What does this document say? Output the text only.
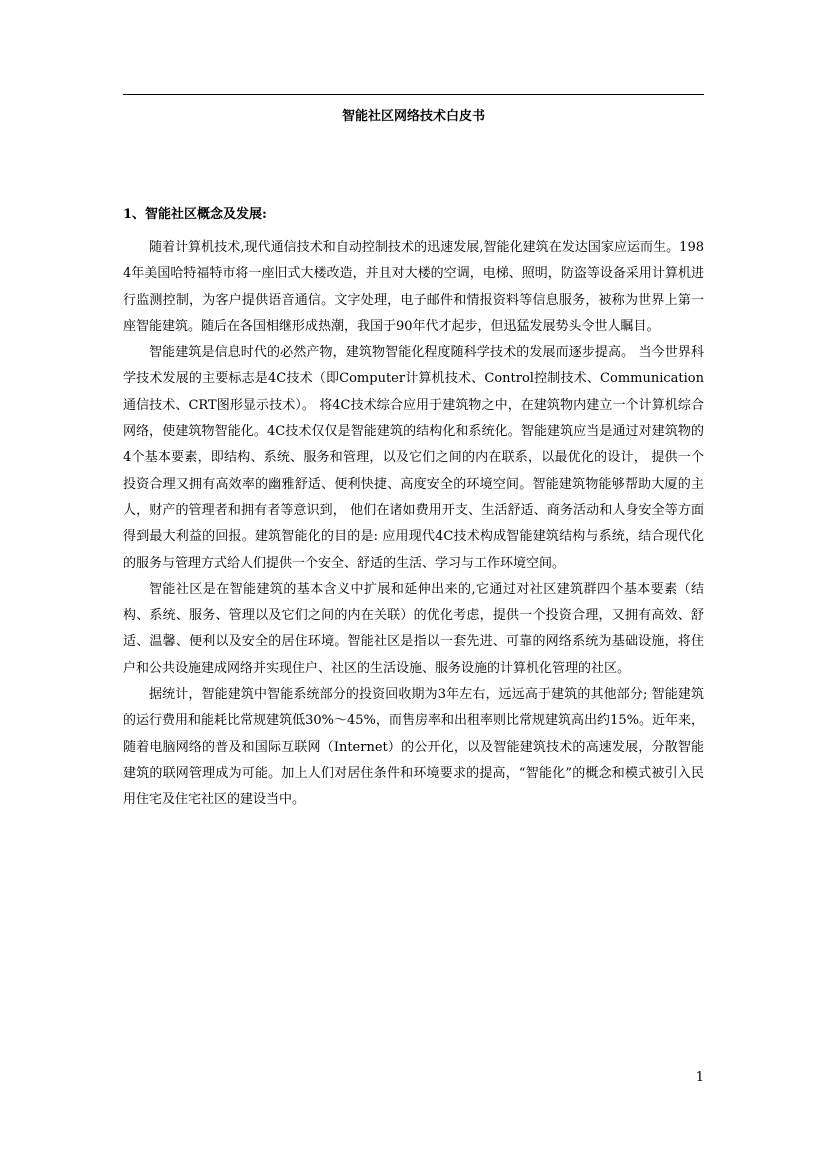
智能社区网络技术白皮书
1、智能社区概念及发展:

随着计算机技术,现代通信技术和自动控制技术的迅速发展,智能化建筑在发达国家应运而生。1984年美国哈特福特市将一座旧式大楼改造，并且对大楼的空调，电梯、照明，防盗等设备采用计算机进行监测控制，为客户提供语音通信。文字处理，电子邮件和情报资料等信息服务，被称为世界上第一座智能建筑。随后在各国相继形成热潮，我国于90年代才起步，但迅猛发展势头令世人瞩目。

智能建筑是信息时代的必然产物，建筑物智能化程度随科学技术的发展而逐步提高。 当今世界科学技术发展的主要标志是4C技术（即Computer计算机技术、Control控制技术、Communication通信技术、CRT图形显示技术）。 将4C技术综合应用于建筑物之中，在建筑物内建立一个计算机综合网络，使建筑物智能化。4C技术仅仅是智能建筑的结构化和系统化。智能建筑应当是通过对建筑物的4个基本要素，即结构、系统、服务和管理，以及它们之间的内在联系，以最优化的设计， 提供一个投资合理又拥有高效率的幽雅舒适、便利快捷、高度安全的环境空间。智能建筑物能够帮助大厦的主人，财产的管理者和拥有者等意识到， 他们在诸如费用开支、生活舒适、商务活动和人身安全等方面得到最大利益的回报。建筑智能化的目的是: 应用现代4C技术构成智能建筑结构与系统，结合现代化的服务与管理方式给人们提供一个安全、舒适的生活、学习与工作环境空间。

智能社区是在智能建筑的基本含义中扩展和延伸出来的,它通过对社区建筑群四个基本要素（结构、系统、服务、管理以及它们之间的内在关联）的优化考虑，提供一个投资合理，又拥有高效、舒适、温馨、便利以及安全的居住环境。智能社区是指以一套先进、可靠的网络系统为基础设施，将住户和公共设施建成网络并实现住户、社区的生活设施、服务设施的计算机化管理的社区。

据统计，智能建筑中智能系统部分的投资回收期为3年左右，远远高于建筑的其他部分; 智能建筑的运行费用和能耗比常规建筑低30%～45%，而售房率和出租率则比常规建筑高出约15%。近年来，随着电脑网络的普及和国际互联网（Internet）的公开化，以及智能建筑技术的高速发展，分散智能建筑的联网管理成为可能。加上人们对居住条件和环境要求的提高，“智能化”的概念和模式被引入民用住宅及住宅社区的建设当中。

1
